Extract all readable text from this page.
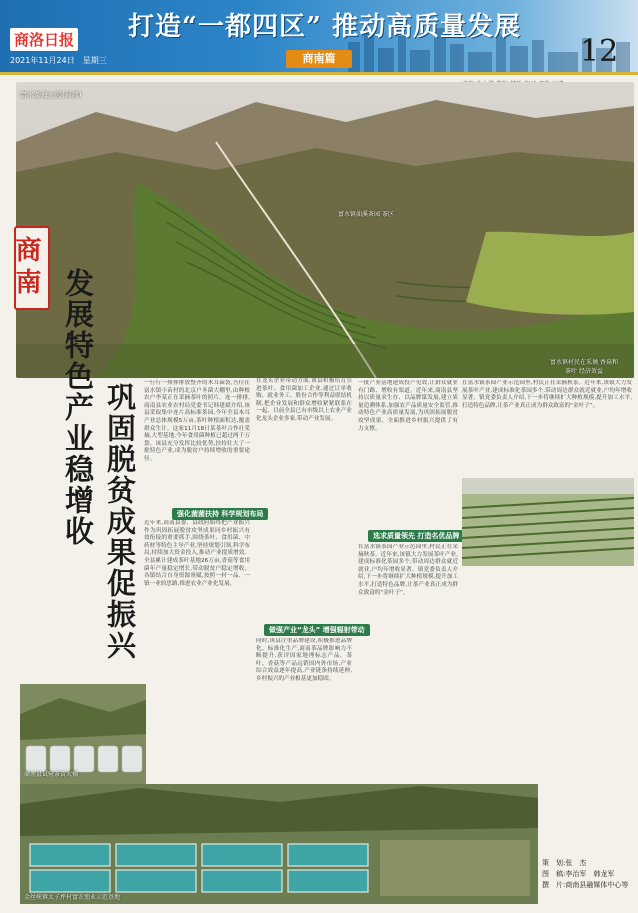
商洛日报
2021年11月24日　星期三
打造“一都四区” 推动高质量发展
商南篇	12
富水茶海公园(局部)
富水镇油溪茶园 茶区
富水镇村民在采摘 香菇和茶叶 经济效益
商南 发展特色产业稳增收 巩固脱贫成果促振兴	一行行一排排排放整齐的木耳菌袋,吾位在富水镇小苗村的北京户冬菌大棚里,由种植农户李某正在采摘茶叶的照片。连一排排,商南县农业农村局党委书记韩建斌介绍,该县采取集中连片高标准茶园,今年全县木耳产业总体规模5万亩,茶叶种植面积达,覆盖群众生计。这家11月18日某茶叶合作社采摘,大型基地,今年食用菌种植已超过两千万袋。该县充分发挥比较优势,扶持壮大了一批特色产业,成为脱贫户持续增收的重要途径。
强化菌菌扶持 科学规划布局
近年来,商南县委、县政府始终把产业振兴作为巩固拓展脱贫攻坚成果同乡村振兴有效衔接的重要抓手,围绕茶叶、食用菌、中药材等特色主导产业,坚持规划引领,科学布局,持续加大资金投入,推动产业提质增效。全县累计建成茶叶基地26万亩,香菇等食用菌年产量稳定增长,带动脱贫户稳定增收。各镇结合自身资源禀赋,按照一村一品、一镇一业的思路,推进农业产业化发展。
在龙头企业带动方面,该县积极培育引进茶叶、食用菌加工企业,通过订单收购、就业务工、股份合作等利益联结机制,把企业发展和群众增收紧紧联系在一起。目前全县已有市级以上农业产业化龙头企业多家,带动产业发展。
做强产业“龙头” 增强辐射带动
同时,该县注重品牌建设,积极推进品牌化、标准化生产,商南茶品牌影响力不断提升,获评国家地理标志产品。茶叶、香菇等产品远销国内外市场,产业综合效益逐年提高,产业链条持续延伸,乡村振兴的产业根基更加稳固。
一批产业基地建成投产见效,让群众就业有门路、增收有渠道。近年来,商南县坚持以质量求生存、以品牌谋发展,建立质量追溯体系,加强农产品质量安全监管,推动特色产业高质量发展,为巩固拓展脱贫攻坚成果、全面推进乡村振兴提供了有力支撑。
选求质量领先 打造名优品牌
在富水镇茶园产业示范园里,村民正在采摘秋茶。近年来,该镇大力发展茶叶产业,建成标准化茶园多个,带动周边群众就近就业,户均年增收显著。镇党委负责人介绍,下一步将继续扩大种植规模,提升加工水平,打造特色品牌,让茶产业真正成为群众致富的“金叶子”。
在富水镇茶园产业示范园里,村民正在采摘秋茶。近年来,该镇大力发展茶叶产业,建成标准化茶园多个,带动周边群众就近就业,户均年增收显著。镇党委负责人介绍,下一步将继续扩大种植规模,提升加工水平,打造特色品牌,让茶产业真正成为群众致富的“金叶子”。
商南县试验茶苗大棚
金丝峡镇太子坪村富农渔业示范基地
策　划:张　杰
图　稿:李治军　韩龙军
撰　片:商南县融媒体中心等
